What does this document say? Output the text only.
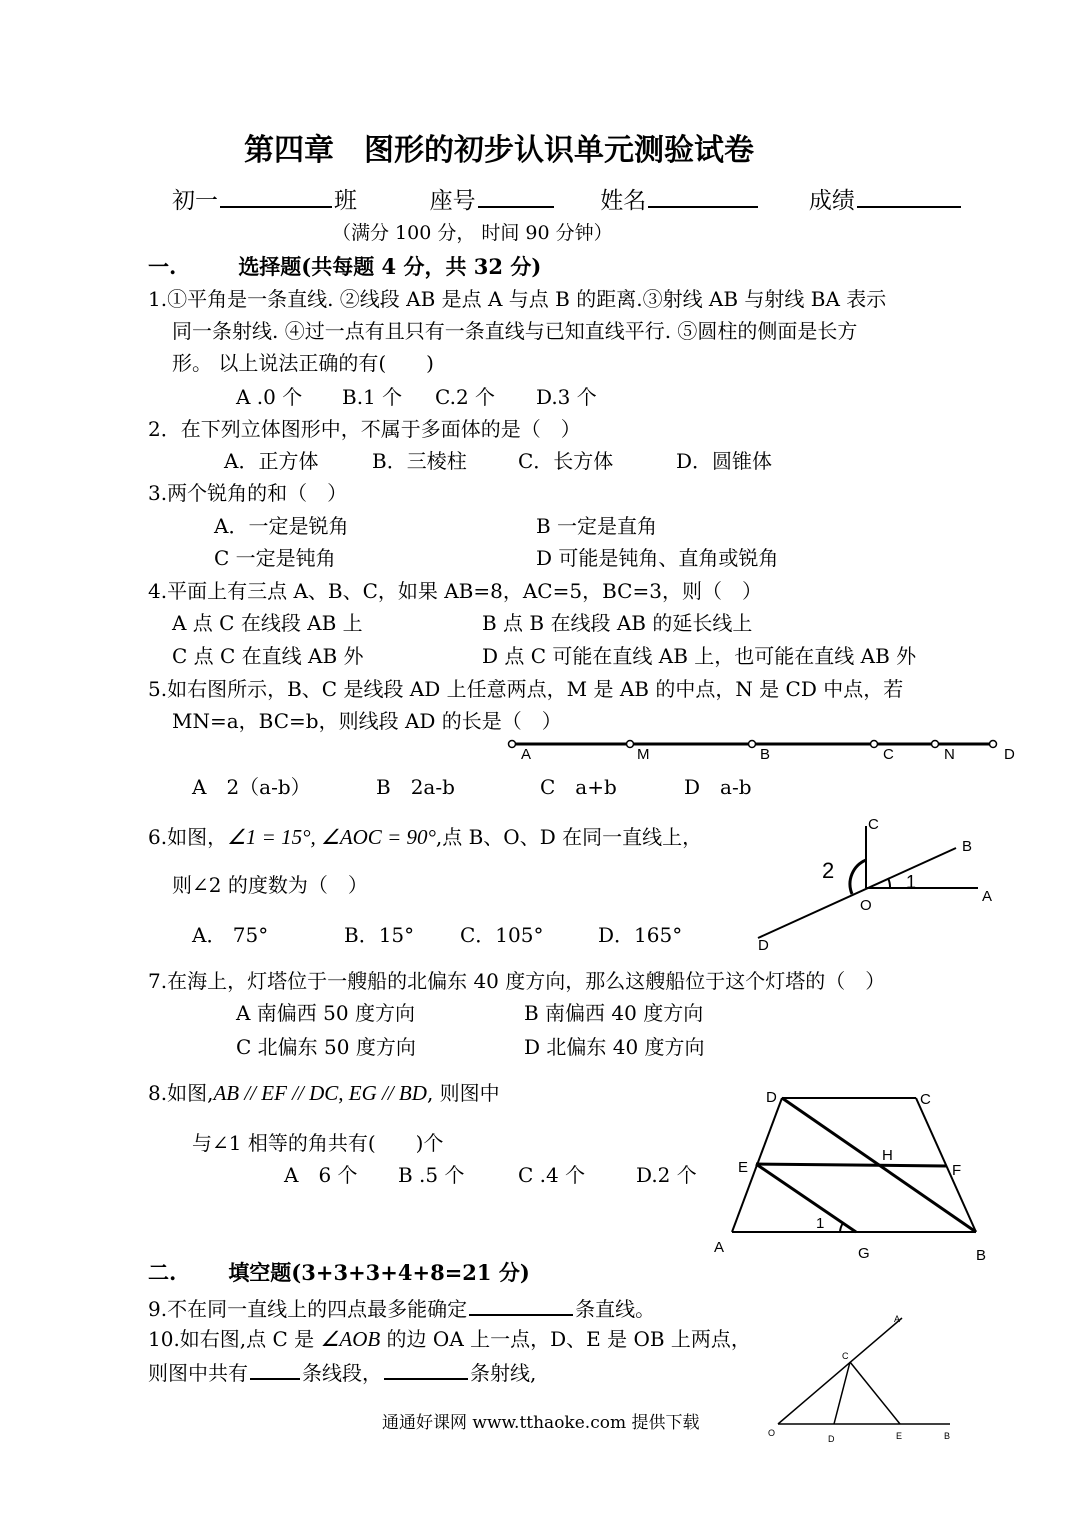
第四章　图形的初步认识单元测验试卷
初一	班	座号	姓名	成绩
（满分 100 分， 时间 90 分钟）
一.	选择题(共每题 4 分，共 32 分)
1.①平角是一条直线. ②线段 AB 是点 A 与点 B 的距离.③射线 AB 与射线 BA 表示
同一条射线. ④过一点有且只有一条直线与已知直线平行. ⑤圆柱的侧面是长方
形。 以上说法正确的有(　　)
A .0 个 B.1 个 C.2 个 D.3 个
2．在下列立体图形中，不属于多面体的是（　）
A．正方体	B．三棱柱	C．长方体	D．圆锥体
3.两个锐角的和（　）
A．一定是锐角	B 一定是直角
C 一定是钝角	D 可能是钝角、直角或锐角
4.平面上有三点 A、B、C，如果 AB=8，AC=5，BC=3，则（　）
A 点 C 在线段 AB 上	B 点 B 在线段 AB 的延长线上
C 点 C 在直线 AB 外	D 点 C 可能在直线 AB 上，也可能在直线 AB 外
5.如右图所示，B、C 是线段 AD 上任意两点，M 是 AB 的中点，N 是 CD 中点，若
MN=a，BC=b，则线段 AD 的长是（　）
A	M	B	C	N	D
A　2（a-b）	B　2a-b	C　a+b	D　a-b
6.如图，∠1 = 15°, ∠AOC = 90°,点 B、O、D 在同一直线上，
则∠2 的度数为（　）
A． 75°	B．15° C．105°	D．165°
C
B
2	1
O
A
D
7.在海上，灯塔位于一艘船的北偏东 40 度方向，那么这艘船位于这个灯塔的（　）
A 南偏西 50 度方向	B 南偏西 40 度方向
C 北偏东 50 度方向	D 北偏东 40 度方向
8.如图,AB // EF // DC, EG // BD, 则图中
与∠1 相等的角共有(　　)个
A　6 个 B .5 个	C .4 个	D.2 个
D	C
E
H
F
1
A	G	B
二. 填空题(3+3+3+4+8=21 分)
9.不在同一直线上的四点最多能确定	条直线。
10.如右图,点 C 是 ∠AOB 的边 OA 上一点，D、E 是 OB 上两点，
则图中共有	条线段，	条射线,
A
C
O
D	E	B
通通好课网 www.tthaoke.com 提供下载
